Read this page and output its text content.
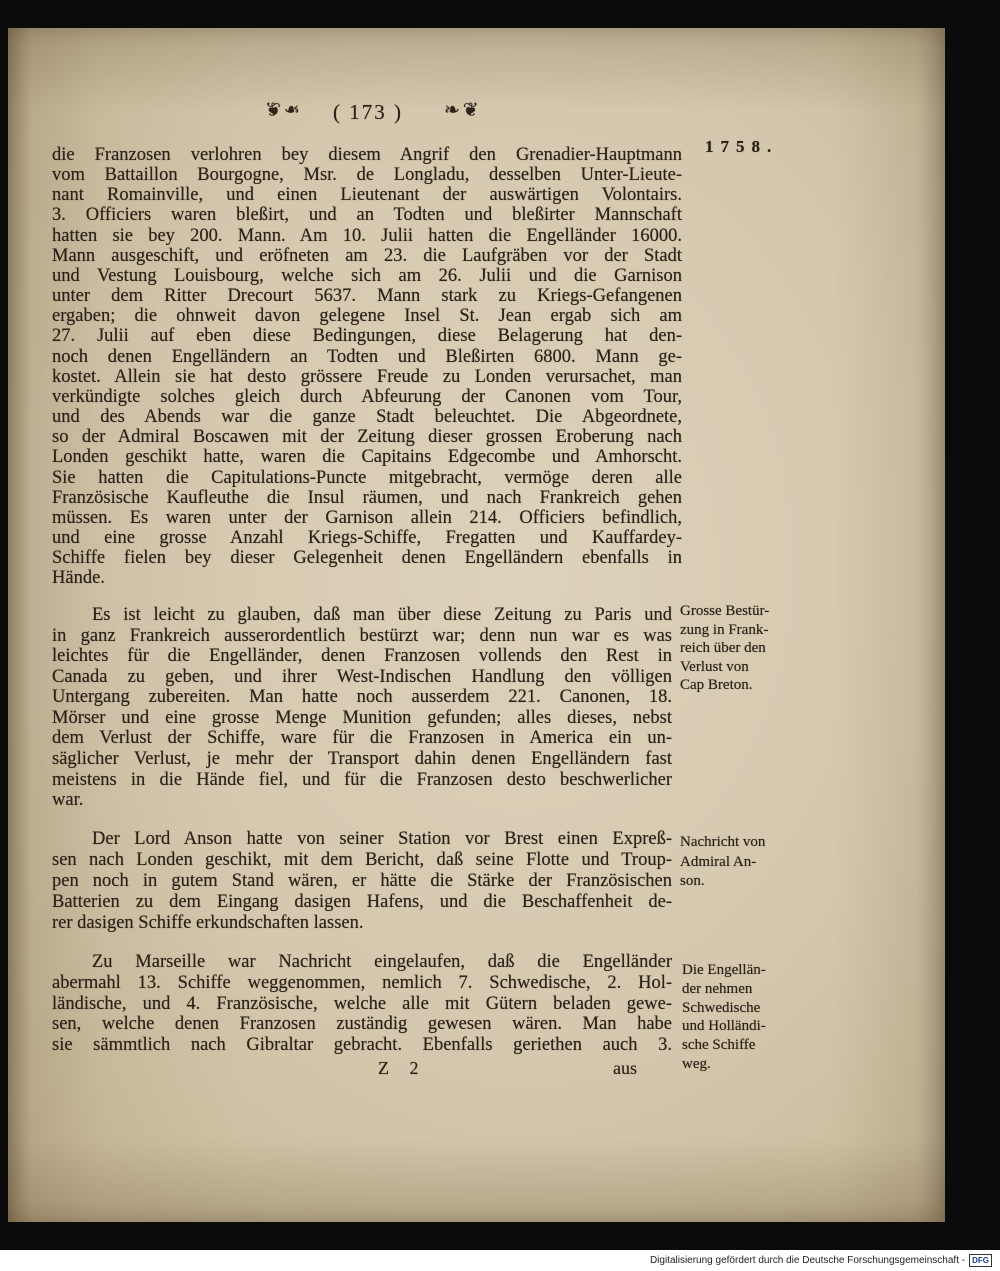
❧❦
( 173 )
❧❦
1758.
die Franzosen verlohren bey diesem Angrif den Grenadier-Hauptmann
vom Battaillon Bourgogne, Msr. de Longladu, desselben Unter-Lieute-
nant Romainville, und einen Lieutenant der auswärtigen Volontairs.
3. Officiers waren bleßirt, und an Todten und bleßirter Mannschaft
hatten sie bey 200. Mann. Am 10. Julii hatten die Engelländer 16000.
Mann ausgeschift, und eröfneten am 23. die Laufgräben vor der Stadt
und Vestung Louisbourg, welche sich am 26. Julii und die Garnison
unter dem Ritter Drecourt 5637. Mann stark zu Kriegs-Gefangenen
ergaben; die ohnweit davon gelegene Insel St. Jean ergab sich am
27. Julii auf eben diese Bedingungen, diese Belagerung hat den-
noch denen Engelländern an Todten und Bleßirten 6800. Mann ge-
kostet. Allein sie hat desto grössere Freude zu Londen verursachet, man
verkündigte solches gleich durch Abfeurung der Canonen vom Tour,
und des Abends war die ganze Stadt beleuchtet. Die Abgeordnete,
so der Admiral Boscawen mit der Zeitung dieser grossen Eroberung nach
Londen geschikt hatte, waren die Capitains Edgecombe und Amhorscht.
Sie hatten die Capitulations-Puncte mitgebracht, vermöge deren alle
Französische Kaufleuthe die Insul räumen, und nach Frankreich gehen
müssen. Es waren unter der Garnison allein 214. Officiers befindlich,
und eine grosse Anzahl Kriegs-Schiffe, Fregatten und Kauffardey-
Schiffe fielen bey dieser Gelegenheit denen Engelländern ebenfalls in
Hände.
Es ist leicht zu glauben, daß man über diese Zeitung zu Paris und
in ganz Frankreich ausserordentlich bestürzt war; denn nun war es was
leichtes für die Engelländer, denen Franzosen vollends den Rest in
Canada zu geben, und ihrer West-Indischen Handlung den völligen
Untergang zubereiten. Man hatte noch ausserdem 221. Canonen, 18.
Mörser und eine grosse Menge Munition gefunden; alles dieses, nebst
dem Verlust der Schiffe, ware für die Franzosen in America ein un-
säglicher Verlust, je mehr der Transport dahin denen Engelländern fast
meistens in die Hände fiel, und für die Franzosen desto beschwerlicher
war.
Der Lord Anson hatte von seiner Station vor Brest einen Expreß-
sen nach Londen geschikt, mit dem Bericht, daß seine Flotte und Troup-
pen noch in gutem Stand wären, er hätte die Stärke der Französischen
Batterien zu dem Eingang dasigen Hafens, und die Beschaffenheit de-
rer dasigen Schiffe erkundschaften lassen.
Zu Marseille war Nachricht eingelaufen, daß die Engelländer
abermahl 13. Schiffe weggenommen, nemlich 7. Schwedische, 2. Hol-
ländische, und 4. Französische, welche alle mit Gütern beladen gewe-
sen, welche denen Franzosen zuständig gewesen wären. Man habe
sie sämmtlich nach Gibraltar gebracht. Ebenfalls geriethen auch 3.
Grosse Bestür-
zung in Frank-
reich über den
Verlust von
Cap Breton.
Nachricht von
Admiral An-
son.
Die Engellän-
der nehmen
Schwedische
und Holländi-
sche Schiffe
weg.
Z 2	aus
Digitalisierung gefördert durch die Deutsche Forschungsgemeinschaft - DFG
